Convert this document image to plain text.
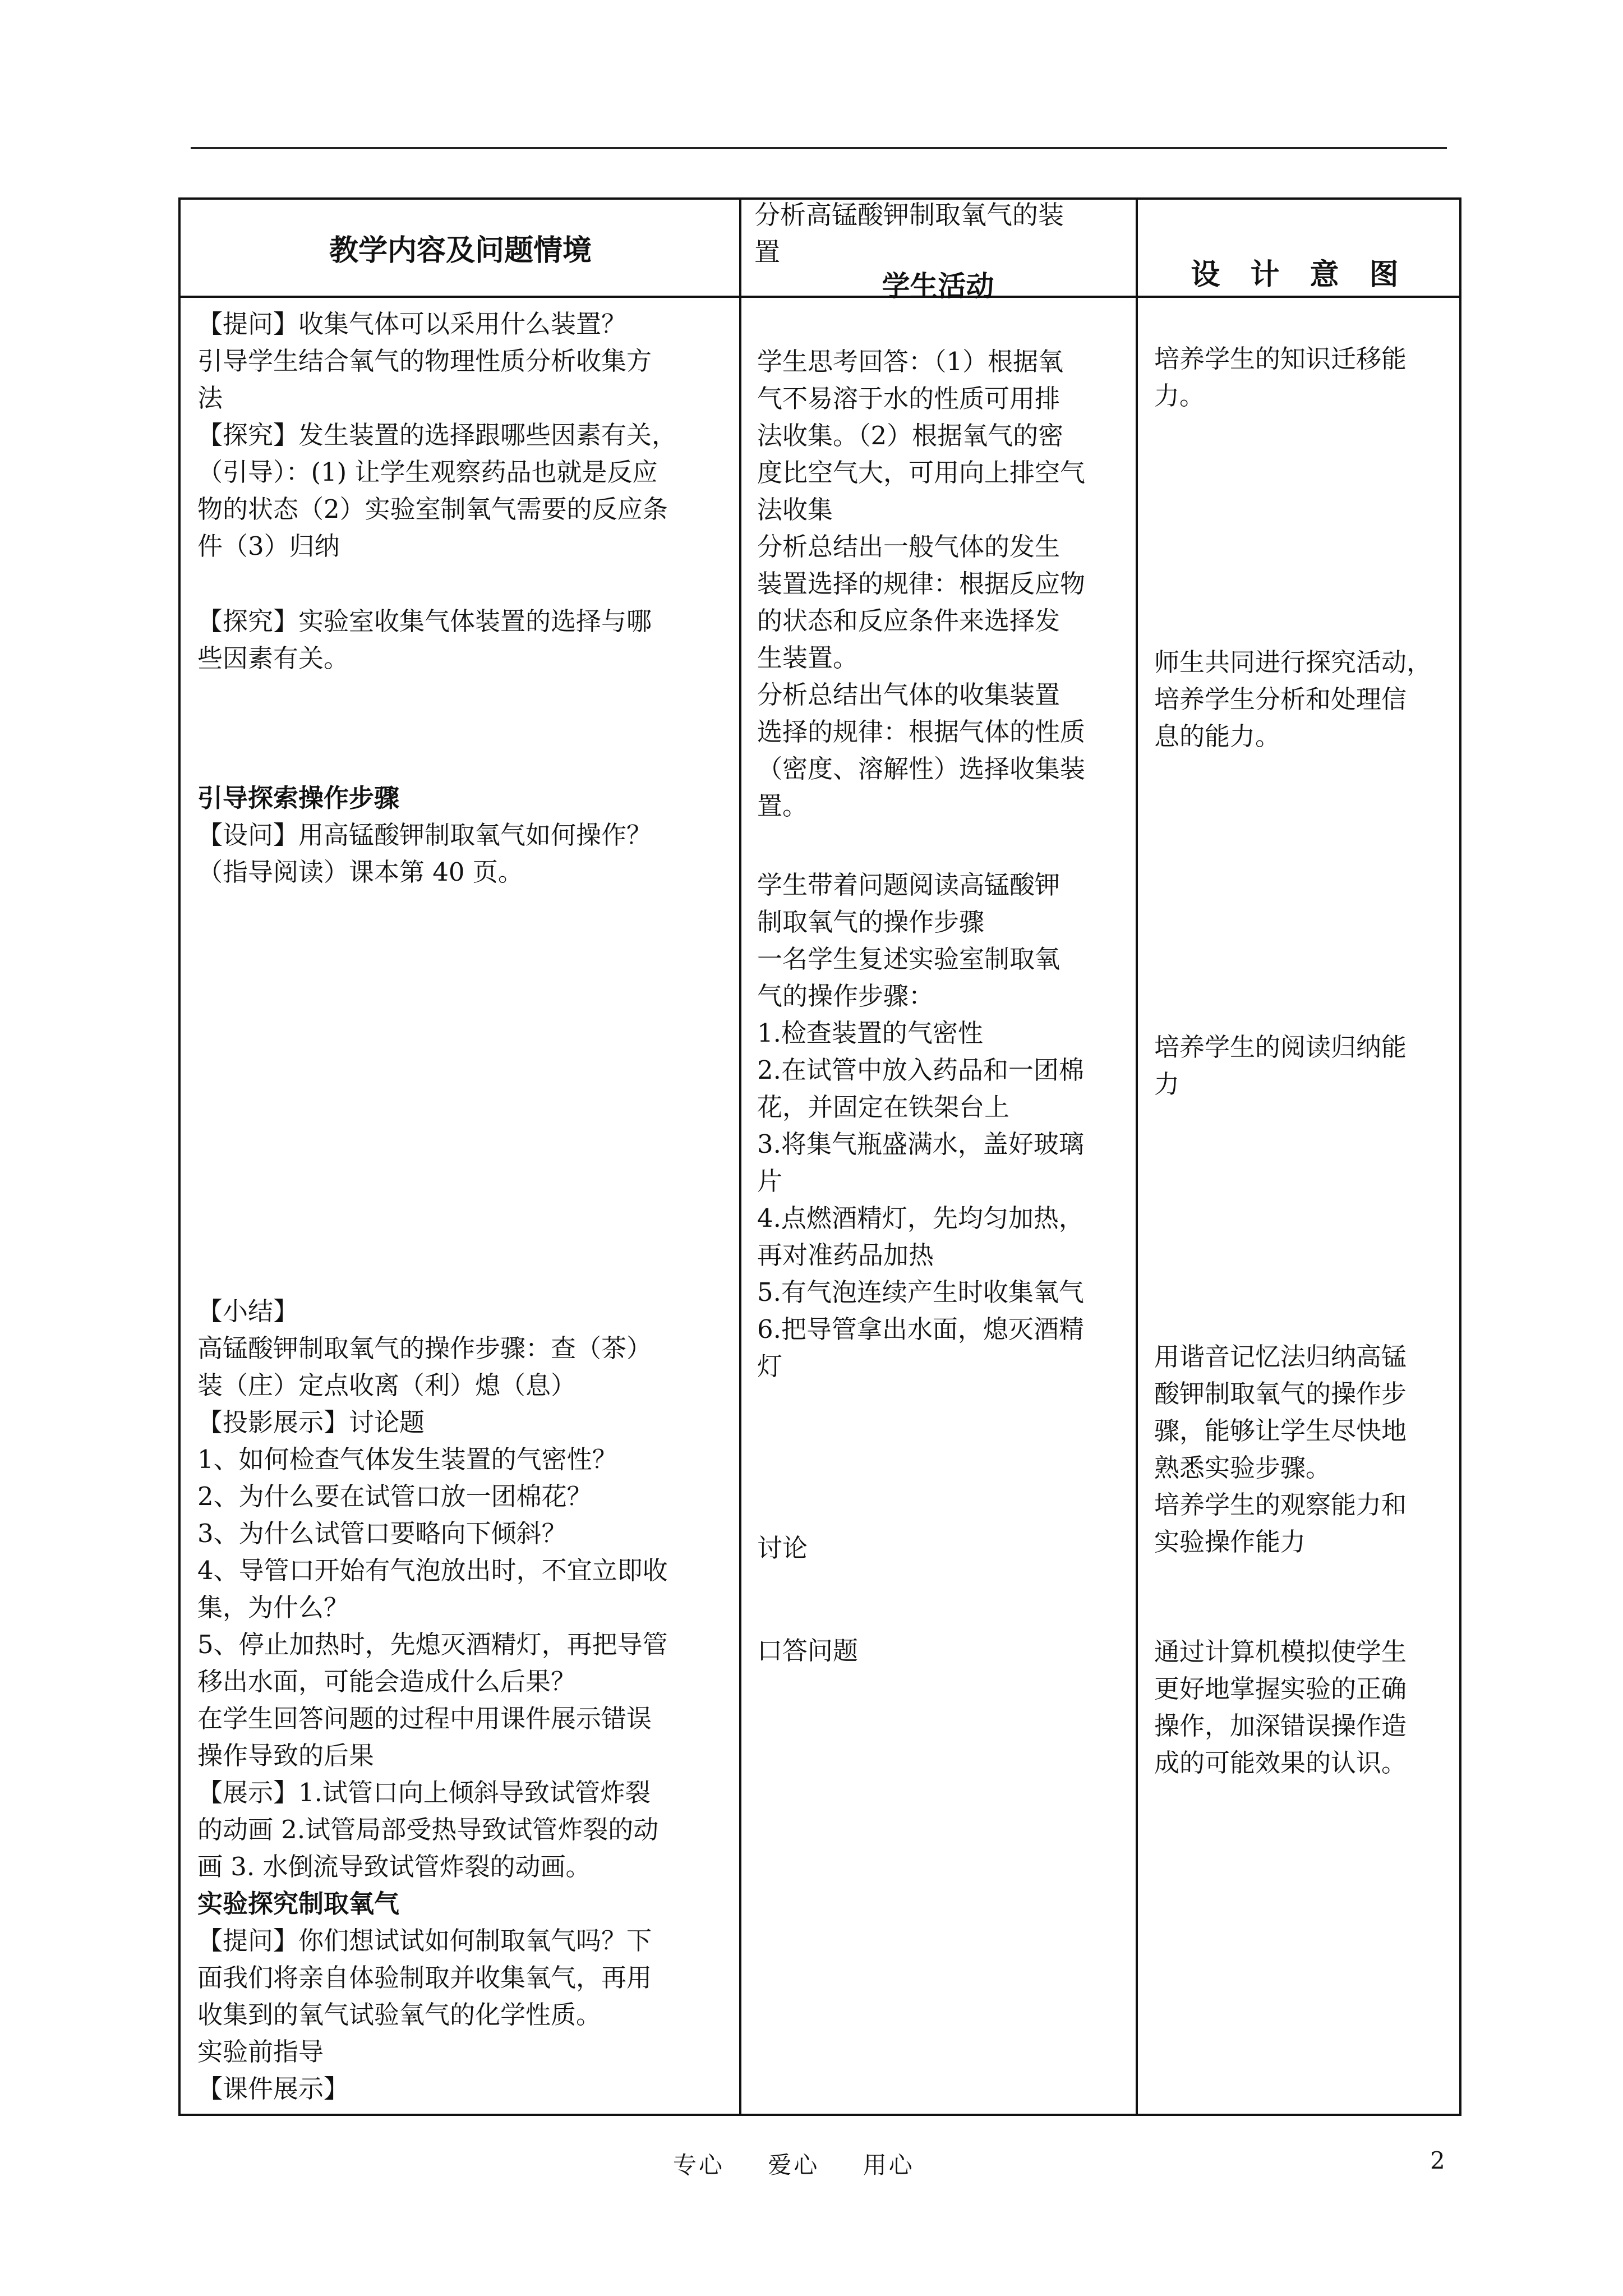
教学内容及问题情境
分析高锰酸钾制取氧气的装
置
学生活动	设 计 意 图
【提问】收集气体可以采用什么装置？
引导学生结合氧气的物理性质分析收集方
法
【探究】发生装置的选择跟哪些因素有关，
（引导）：(1) 让学生观察药品也就是反应
物的状态（2）实验室制氧气需要的反应条
件（3）归纳
【探究】实验室收集气体装置的选择与哪
些因素有关。
引导探索操作步骤
【设问】用高锰酸钾制取氧气如何操作？
（指导阅读）课本第 40 页。
【小结】
高锰酸钾制取氧气的操作步骤：查（茶）
装（庄）定点收离（利）熄（息）
【投影展示】讨论题
1、如何检查气体发生装置的气密性？
2、为什么要在试管口放一团棉花？
3、为什么试管口要略向下倾斜？
4、导管口开始有气泡放出时，不宜立即收
集，为什么？
5、停止加热时，先熄灭酒精灯，再把导管
移出水面，可能会造成什么后果？
在学生回答问题的过程中用课件展示错误
操作导致的后果
【展示】1.试管口向上倾斜导致试管炸裂
的动画 2.试管局部受热导致试管炸裂的动
画 3. 水倒流导致试管炸裂的动画。
实验探究制取氧气
【提问】你们想试试如何制取氧气吗？下
面我们将亲自体验制取并收集氧气，再用
收集到的氧气试验氧气的化学性质。
实验前指导
【课件展示】
学生思考回答：（1）根据氧
气不易溶于水的性质可用排
法收集。（2）根据氧气的密
度比空气大，可用向上排空气
法收集
分析总结出一般气体的发生
装置选择的规律：根据反应物
的状态和反应条件来选择发
生装置。
分析总结出气体的收集装置
选择的规律：根据气体的性质
（密度、溶解性）选择收集装
置。
学生带着问题阅读高锰酸钾
制取氧气的操作步骤
一名学生复述实验室制取氧
气的操作步骤：
1.检查装置的气密性
2.在试管中放入药品和一团棉
花，并固定在铁架台上
3.将集气瓶盛满水，盖好玻璃
片
4.点燃酒精灯，先均匀加热，
再对准药品加热
5.有气泡连续产生时收集氧气
6.把导管拿出水面，熄灭酒精
灯
讨论
口答问题
培养学生的知识迁移能
力。
师生共同进行探究活动，
培养学生分析和处理信
息的能力。
培养学生的阅读归纳能
力
用谐音记忆法归纳高锰
酸钾制取氧气的操作步
骤，能够让学生尽快地
熟悉实验步骤。
培养学生的观察能力和
实验操作能力
通过计算机模拟使学生
更好地掌握实验的正确
操作，加深错误操作造
成的可能效果的认识。
专心 爱心 用心	2
